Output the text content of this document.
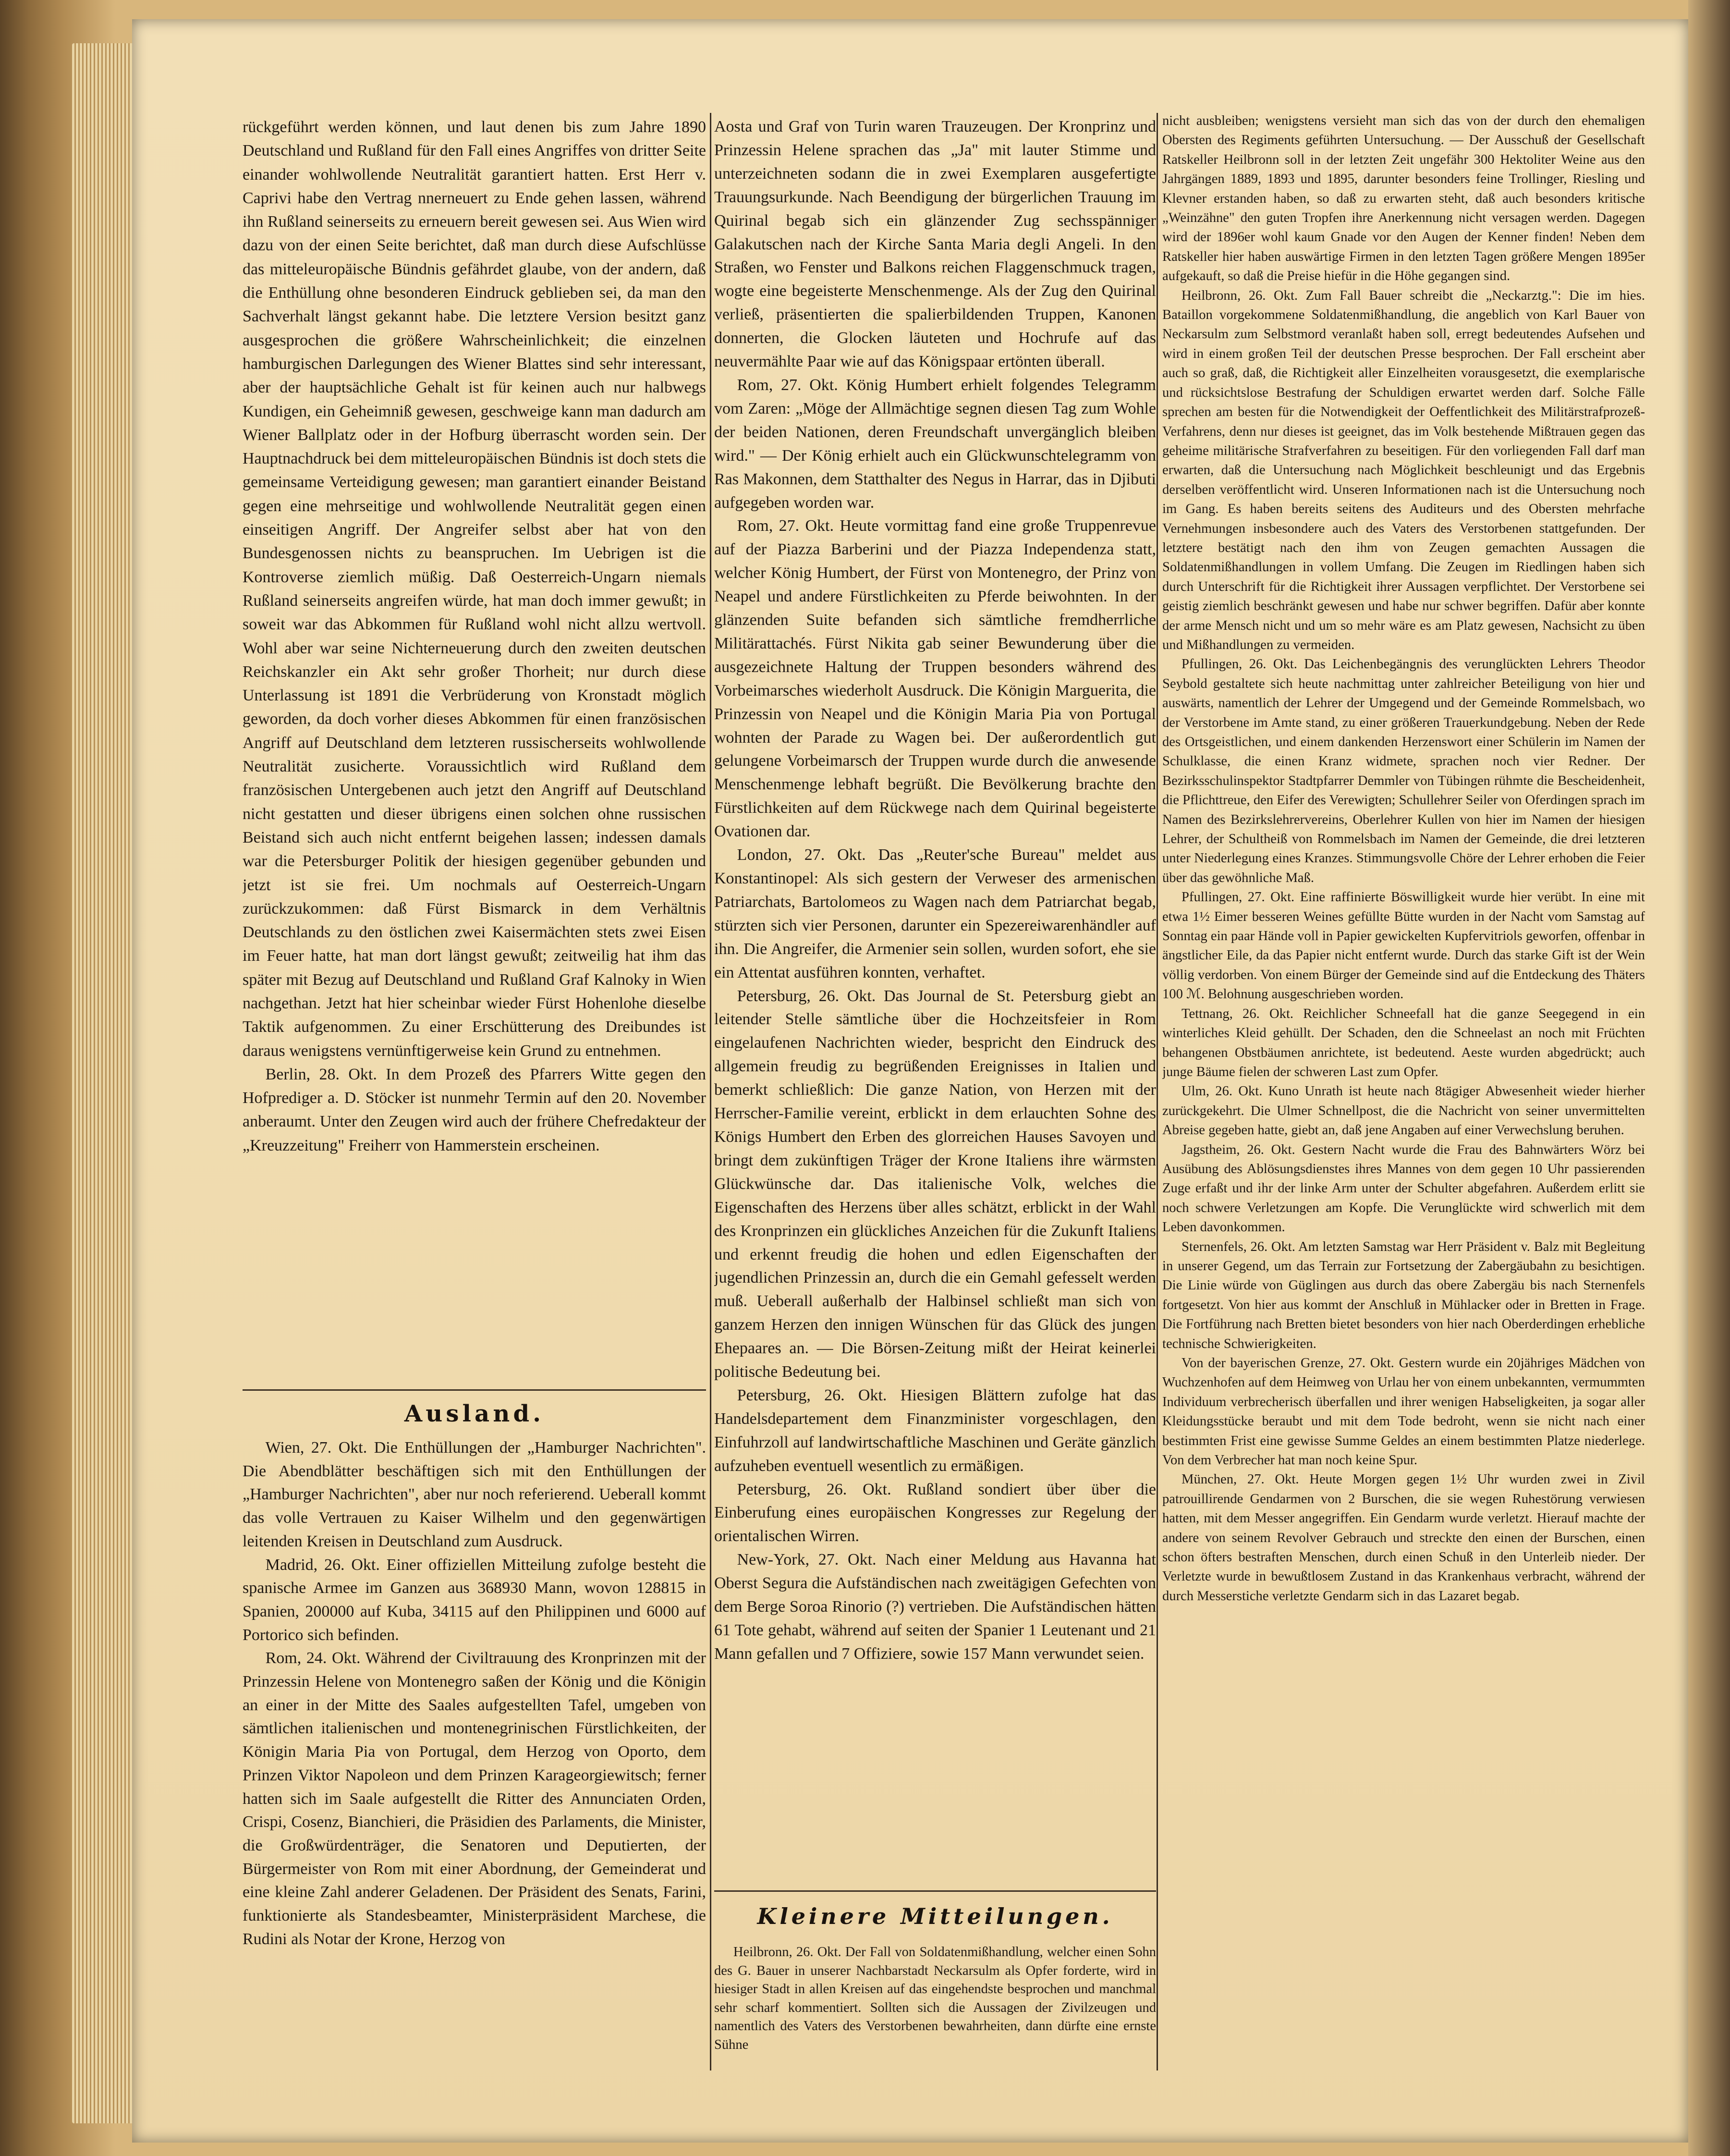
rückgeführt werden können, und laut denen bis zum Jahre 1890 Deutschland und Rußland für den Fall eines Angriffes von dritter Seite einander wohlwollende Neutralität garantiert hatten. Erst Herr v. Caprivi habe den Vertrag nnerneuert zu Ende gehen lassen, während ihn Rußland seinerseits zu erneuern bereit gewesen sei. Aus Wien wird dazu von der einen Seite berichtet, daß man durch diese Aufschlüsse das mitteleuropäische Bündnis gefährdet glaube, von der andern, daß die Enthüllung ohne besonderen Eindruck geblieben sei, da man den Sachverhalt längst gekannt habe. Die letztere Version besitzt ganz ausgesprochen die größere Wahrscheinlichkeit; die einzelnen hamburgischen Darlegungen des Wiener Blattes sind sehr interessant, aber der hauptsächliche Gehalt ist für keinen auch nur halbwegs Kundigen, ein Geheimniß gewesen, geschweige kann man dadurch am Wiener Ballplatz oder in der Hofburg überrascht worden sein. Der Hauptnachdruck bei dem mitteleuropäischen Bündnis ist doch stets die gemeinsame Verteidigung gewesen; man garantiert einander Beistand gegen eine mehrseitige und wohlwollende Neutralität gegen einen einseitigen Angriff. Der Angreifer selbst aber hat von den Bundesgenossen nichts zu beanspruchen. Im Uebrigen ist die Kontroverse ziemlich müßig. Daß Oesterreich-Ungarn niemals Rußland seinerseits angreifen würde, hat man doch immer gewußt; in soweit war das Abkommen für Rußland wohl nicht allzu wertvoll. Wohl aber war seine Nichterneuerung durch den zweiten deutschen Reichskanzler ein Akt sehr großer Thorheit; nur durch diese Unterlassung ist 1891 die Verbrüderung von Kronstadt möglich geworden, da doch vorher dieses Abkommen für einen französischen Angriff auf Deutschland dem letzteren russischerseits wohlwollende Neutralität zusicherte. Voraussichtlich wird Rußland dem französischen Untergebenen auch jetzt den Angriff auf Deutschland nicht gestatten und dieser übrigens einen solchen ohne russischen Beistand sich auch nicht entfernt beigehen lassen; indessen damals war die Petersburger Politik der hiesigen gegenüber gebunden und jetzt ist sie frei. Um nochmals auf Oesterreich-Ungarn zurückzukommen: daß Fürst Bismarck in dem Verhältnis Deutschlands zu den östlichen zwei Kaisermächten stets zwei Eisen im Feuer hatte, hat man dort längst gewußt; zeitweilig hat ihm das später mit Bezug auf Deutschland und Rußland Graf Kalnoky in Wien nachgethan. Jetzt hat hier scheinbar wieder Fürst Hohenlohe dieselbe Taktik aufgenommen. Zu einer Erschütterung des Dreibundes ist daraus wenigstens vernünftigerweise kein Grund zu entnehmen.

Berlin, 28. Okt. In dem Prozeß des Pfarrers Witte gegen den Hofprediger a. D. Stöcker ist nunmehr Termin auf den 20. November anberaumt. Unter den Zeugen wird auch der frühere Chefredakteur der „Kreuzzeitung" Freiherr von Hammerstein erscheinen.

Ausland.

Wien, 27. Okt. Die Enthüllungen der „Hamburger Nachrichten". Die Abendblätter beschäftigen sich mit den Enthüllungen der „Hamburger Nachrichten", aber nur noch referierend. Ueberall kommt das volle Vertrauen zu Kaiser Wilhelm und den gegenwärtigen leitenden Kreisen in Deutschland zum Ausdruck.

Madrid, 26. Okt. Einer offiziellen Mitteilung zufolge besteht die spanische Armee im Ganzen aus 368930 Mann, wovon 128815 in Spanien, 200000 auf Kuba, 34115 auf den Philippinen und 6000 auf Portorico sich befinden.

Rom, 24. Okt. Während der Civiltrauung des Kronprinzen mit der Prinzessin Helene von Montenegro saßen der König und die Königin an einer in der Mitte des Saales aufgestellten Tafel, umgeben von sämtlichen italienischen und montenegrinischen Fürstlichkeiten, der Königin Maria Pia von Portugal, dem Herzog von Oporto, dem Prinzen Viktor Napoleon und dem Prinzen Karageorgiewitsch; ferner hatten sich im Saale aufgestellt die Ritter des Annunciaten Orden, Crispi, Cosenz, Bianchieri, die Präsidien des Parlaments, die Minister, die Großwürdenträger, die Senatoren und Deputierten, der Bürgermeister von Rom mit einer Abordnung, der Gemeinderat und eine kleine Zahl anderer Geladenen. Der Präsident des Senats, Farini, funktionierte als Standesbeamter, Ministerpräsident Marchese, die Rudini als Notar der Krone, Herzog von

Aosta und Graf von Turin waren Trauzeugen. Der Kronprinz und Prinzessin Helene sprachen das „Ja" mit lauter Stimme und unterzeichneten sodann die in zwei Exemplaren ausgefertigte Trauungsurkunde. Nach Beendigung der bürgerlichen Trauung im Quirinal begab sich ein glänzender Zug sechsspänniger Galakutschen nach der Kirche Santa Maria degli Angeli. In den Straßen, wo Fenster und Balkons reichen Flaggenschmuck tragen, wogte eine begeisterte Menschenmenge. Als der Zug den Quirinal verließ, präsentierten die spalierbildenden Truppen, Kanonen donnerten, die Glocken läuteten und Hochrufe auf das neuvermählte Paar wie auf das Königspaar ertönten überall.

Rom, 27. Okt. König Humbert erhielt folgendes Telegramm vom Zaren: „Möge der Allmächtige segnen diesen Tag zum Wohle der beiden Nationen, deren Freundschaft unvergänglich bleiben wird." — Der König erhielt auch ein Glückwunschtelegramm von Ras Makonnen, dem Statthalter des Negus in Harrar, das in Djibuti aufgegeben worden war.

Rom, 27. Okt. Heute vormittag fand eine große Truppenrevue auf der Piazza Barberini und der Piazza Independenza statt, welcher König Humbert, der Fürst von Montenegro, der Prinz von Neapel und andere Fürstlichkeiten zu Pferde beiwohnten. In der glänzenden Suite befanden sich sämtliche fremdherrliche Militärattachés. Fürst Nikita gab seiner Bewunderung über die ausgezeichnete Haltung der Truppen besonders während des Vorbeimarsches wiederholt Ausdruck. Die Königin Marguerita, die Prinzessin von Neapel und die Königin Maria Pia von Portugal wohnten der Parade zu Wagen bei. Der außerordentlich gut gelungene Vorbeimarsch der Truppen wurde durch die anwesende Menschenmenge lebhaft begrüßt. Die Bevölkerung brachte den Fürstlichkeiten auf dem Rückwege nach dem Quirinal begeisterte Ovationen dar.

London, 27. Okt. Das „Reuter'sche Bureau" meldet aus Konstantinopel: Als sich gestern der Verweser des armenischen Patriarchats, Bartolomeos zu Wagen nach dem Patriarchat begab, stürzten sich vier Personen, darunter ein Spezereiwarenhändler auf ihn. Die Angreifer, die Armenier sein sollen, wurden sofort, ehe sie ein Attentat ausführen konnten, verhaftet.

Petersburg, 26. Okt. Das Journal de St. Petersburg giebt an leitender Stelle sämtliche über die Hochzeitsfeier in Rom eingelaufenen Nachrichten wieder, bespricht den Eindruck des allgemein freudig zu begrüßenden Ereignisses in Italien und bemerkt schließlich: Die ganze Nation, von Herzen mit der Herrscher-Familie vereint, erblickt in dem erlauchten Sohne des Königs Humbert den Erben des glorreichen Hauses Savoyen und bringt dem zukünftigen Träger der Krone Italiens ihre wärmsten Glückwünsche dar. Das italienische Volk, welches die Eigenschaften des Herzens über alles schätzt, erblickt in der Wahl des Kronprinzen ein glückliches Anzeichen für die Zukunft Italiens und erkennt freudig die hohen und edlen Eigenschaften der jugendlichen Prinzessin an, durch die ein Gemahl gefesselt werden muß. Ueberall außerhalb der Halbinsel schließt man sich von ganzem Herzen den innigen Wünschen für das Glück des jungen Ehepaares an. — Die Börsen-Zeitung mißt der Heirat keinerlei politische Bedeutung bei.

Petersburg, 26. Okt. Hiesigen Blättern zufolge hat das Handelsdepartement dem Finanzminister vorgeschlagen, den Einfuhrzoll auf landwirtschaftliche Maschinen und Geräte gänzlich aufzuheben eventuell wesentlich zu ermäßigen.

Petersburg, 26. Okt. Rußland sondiert über über die Einberufung eines europäischen Kongresses zur Regelung der orientalischen Wirren.

New-York, 27. Okt. Nach einer Meldung aus Havanna hat Oberst Segura die Aufständischen nach zweitägigen Gefechten von dem Berge Soroa Rinorio (?) vertrieben. Die Aufständischen hätten 61 Tote gehabt, während auf seiten der Spanier 1 Leutenant und 21 Mann gefallen und 7 Offiziere, sowie 157 Mann verwundet seien.

Kleinere Mitteilungen.

Heilbronn, 26. Okt. Der Fall von Soldatenmißhandlung, welcher einen Sohn des G. Bauer in unserer Nachbarstadt Neckarsulm als Opfer forderte, wird in hiesiger Stadt in allen Kreisen auf das eingehendste besprochen und manchmal sehr scharf kommentiert. Sollten sich die Aussagen der Zivilzeugen und namentlich des Vaters des Verstorbenen bewahrheiten, dann dürfte eine ernste Sühne

nicht ausbleiben; wenigstens versieht man sich das von der durch den ehemaligen Obersten des Regiments geführten Untersuchung. — Der Ausschuß der Gesellschaft Ratskeller Heilbronn soll in der letzten Zeit ungefähr 300 Hektoliter Weine aus den Jahrgängen 1889, 1893 und 1895, darunter besonders feine Trollinger, Riesling und Klevner erstanden haben, so daß zu erwarten steht, daß auch besonders kritische „Weinzähne" den guten Tropfen ihre Anerkennung nicht versagen werden. Dagegen wird der 1896er wohl kaum Gnade vor den Augen der Kenner finden! Neben dem Ratskeller hier haben auswärtige Firmen in den letzten Tagen größere Mengen 1895er aufgekauft, so daß die Preise hiefür in die Höhe gegangen sind.

Heilbronn, 26. Okt. Zum Fall Bauer schreibt die „Neckarztg.": Die im hies. Bataillon vorgekommene Soldatenmißhandlung, die angeblich von Karl Bauer von Neckarsulm zum Selbstmord veranlaßt haben soll, erregt bedeutendes Aufsehen und wird in einem großen Teil der deutschen Presse besprochen. Der Fall erscheint aber auch so graß, daß, die Richtigkeit aller Einzelheiten vorausgesetzt, die exemplarische und rücksichtslose Bestrafung der Schuldigen erwartet werden darf. Solche Fälle sprechen am besten für die Notwendigkeit der Oeffentlichkeit des Militärstrafprozeß-Verfahrens, denn nur dieses ist geeignet, das im Volk bestehende Mißtrauen gegen das geheime militärische Strafverfahren zu beseitigen. Für den vorliegenden Fall darf man erwarten, daß die Untersuchung nach Möglichkeit beschleunigt und das Ergebnis derselben veröffentlicht wird. Unseren Informationen nach ist die Untersuchung noch im Gang. Es haben bereits seitens des Auditeurs und des Obersten mehrfache Vernehmungen insbesondere auch des Vaters des Verstorbenen stattgefunden. Der letztere bestätigt nach den ihm von Zeugen gemachten Aussagen die Soldatenmißhandlungen in vollem Umfang. Die Zeugen im Riedlingen haben sich durch Unterschrift für die Richtigkeit ihrer Aussagen verpflichtet. Der Verstorbene sei geistig ziemlich beschränkt gewesen und habe nur schwer begriffen. Dafür aber konnte der arme Mensch nicht und um so mehr wäre es am Platz gewesen, Nachsicht zu üben und Mißhandlungen zu vermeiden.

Pfullingen, 26. Okt. Das Leichenbegängnis des verunglückten Lehrers Theodor Seybold gestaltete sich heute nachmittag unter zahlreicher Beteiligung von hier und auswärts, namentlich der Lehrer der Umgegend und der Gemeinde Rommelsbach, wo der Verstorbene im Amte stand, zu einer größeren Trauerkundgebung. Neben der Rede des Ortsgeistlichen, und einem dankenden Herzenswort einer Schülerin im Namen der Schulklasse, die einen Kranz widmete, sprachen noch vier Redner. Der Bezirksschulinspektor Stadtpfarrer Demmler von Tübingen rühmte die Bescheidenheit, die Pflichttreue, den Eifer des Verewigten; Schullehrer Seiler von Oferdingen sprach im Namen des Bezirkslehrervereins, Oberlehrer Kullen von hier im Namen der hiesigen Lehrer, der Schultheiß von Rommelsbach im Namen der Gemeinde, die drei letzteren unter Niederlegung eines Kranzes. Stimmungsvolle Chöre der Lehrer erhoben die Feier über das gewöhnliche Maß.

Pfullingen, 27. Okt. Eine raffinierte Böswilligkeit wurde hier verübt. In eine mit etwa 1½ Eimer besseren Weines gefüllte Bütte wurden in der Nacht vom Samstag auf Sonntag ein paar Hände voll in Papier gewickelten Kupfervitriols geworfen, offenbar in ängstlicher Eile, da das Papier nicht entfernt wurde. Durch das starke Gift ist der Wein völlig verdorben. Von einem Bürger der Gemeinde sind auf die Entdeckung des Thäters 100 ℳ. Belohnung ausgeschrieben worden.

Tettnang, 26. Okt. Reichlicher Schneefall hat die ganze Seegegend in ein winterliches Kleid gehüllt. Der Schaden, den die Schneelast an noch mit Früchten behangenen Obstbäumen anrichtete, ist bedeutend. Aeste wurden abgedrückt; auch junge Bäume fielen der schweren Last zum Opfer.

Ulm, 26. Okt. Kuno Unrath ist heute nach 8tägiger Abwesenheit wieder hierher zurückgekehrt. Die Ulmer Schnellpost, die die Nachricht von seiner unvermittelten Abreise gegeben hatte, giebt an, daß jene Angaben auf einer Verwechslung beruhen.

Jagstheim, 26. Okt. Gestern Nacht wurde die Frau des Bahnwärters Wörz bei Ausübung des Ablösungsdienstes ihres Mannes von dem gegen 10 Uhr passierenden Zuge erfaßt und ihr der linke Arm unter der Schulter abgefahren. Außerdem erlitt sie noch schwere Verletzungen am Kopfe. Die Verunglückte wird schwerlich mit dem Leben davonkommen.

Sternenfels, 26. Okt. Am letzten Samstag war Herr Präsident v. Balz mit Begleitung in unserer Gegend, um das Terrain zur Fortsetzung der Zabergäubahn zu besichtigen. Die Linie würde von Güglingen aus durch das obere Zabergäu bis nach Sternenfels fortgesetzt. Von hier aus kommt der Anschluß in Mühlacker oder in Bretten in Frage. Die Fortführung nach Bretten bietet besonders von hier nach Oberderdingen erhebliche technische Schwierigkeiten.

Von der bayerischen Grenze, 27. Okt. Gestern wurde ein 20jähriges Mädchen von Wuchzenhofen auf dem Heimweg von Urlau her von einem unbekannten, vermummten Individuum verbrecherisch überfallen und ihrer wenigen Habseligkeiten, ja sogar aller Kleidungsstücke beraubt und mit dem Tode bedroht, wenn sie nicht nach einer bestimmten Frist eine gewisse Summe Geldes an einem bestimmten Platze niederlege. Von dem Verbrecher hat man noch keine Spur.

München, 27. Okt. Heute Morgen gegen 1½ Uhr wurden zwei in Zivil patrouillirende Gendarmen von 2 Burschen, die sie wegen Ruhestörung verwiesen hatten, mit dem Messer angegriffen. Ein Gendarm wurde verletzt. Hierauf machte der andere von seinem Revolver Gebrauch und streckte den einen der Burschen, einen schon öfters bestraften Menschen, durch einen Schuß in den Unterleib nieder. Der Verletzte wurde in bewußtlosem Zustand in das Krankenhaus verbracht, während der durch Messerstiche verletzte Gendarm sich in das Lazaret begab.
